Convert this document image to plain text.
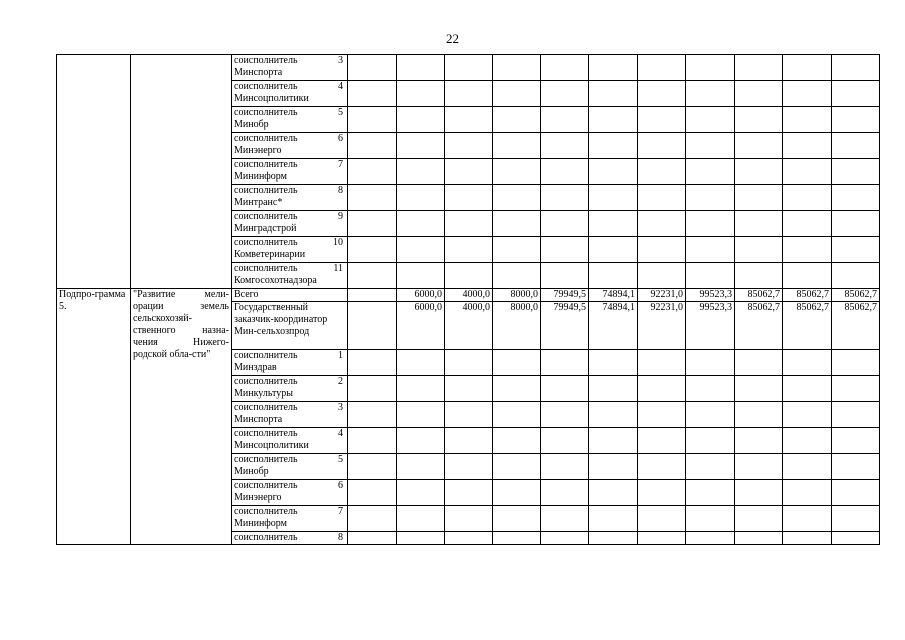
22

		соисполнитель 3
Минспорта											

		соисполнитель 4
Минсоцполитики											

		соисполнитель 5
Минобр											

		соисполнитель 6
Минэнерго											

		соисполнитель 7
Mининформ											

		соисполнитель 8
Минтранс*											

		соисполнитель 9
Минградстрой											

		соисполнитель 10
Комветеринарии											

		соисполнитель 11
Комгосохотнадзора											
Подпро-грамма 5.	"Развитие мели-орации земель сельскохозяй-ственного назна-чения Нижего-родской обла-сти"	Всего		6000,0	4000,0	8000,0	79949,5	74894,1	92231,0	99523,3	85062,7	85062,7	85062,7
		Государственный заказчик-координатор Мин-сельхозпрод		6000,0	4000,0	8000,0	79949,5	74894,1	92231,0	99523,3	85062,7	85062,7	85062,7

		соисполнитель 1
Минздрав											

		соисполнитель 2
Минкультуры											

		соисполнитель 3
Минспорта											

		соисполнитель 4
Минсоцполитики											

		соисполнитель 5
Минобр											

		соисполнитель 6
Минэнерго											

		соисполнитель 7
Mининформ											

		соисполнитель 8											
